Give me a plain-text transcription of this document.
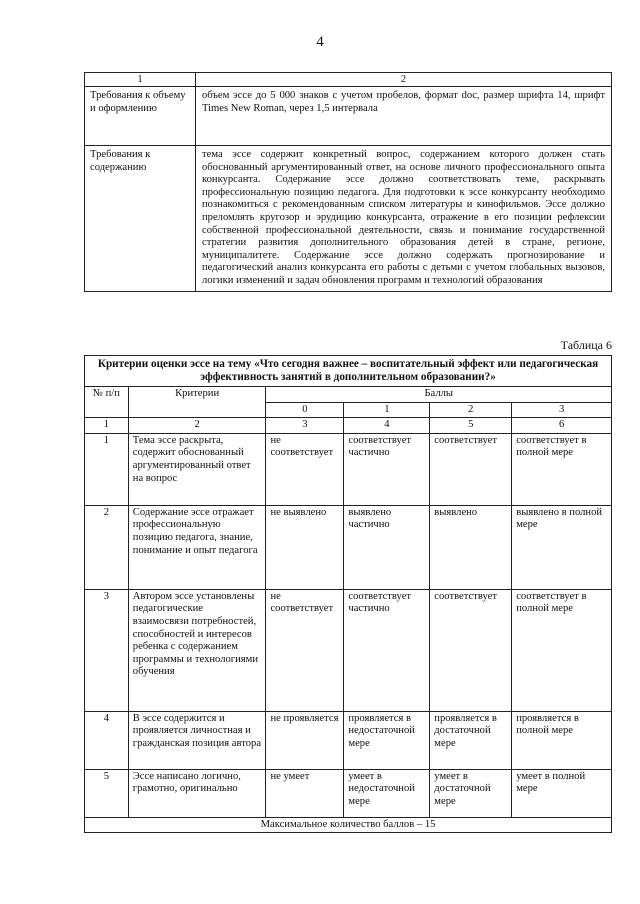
4
1	2
Требования к объему и оформлению	объем эссе до 5 000 знаков с учетом пробелов, формат doc, размер шрифта 14, шрифт Times New Roman, через 1,5 интервала
Требования к содержанию	тема эссе содержит конкретный вопрос, содержанием которого должен стать обоснованный аргументированный ответ, на основе личного профессионального опыта конкурсанта. Содержание эссе должно соответствовать теме, раскрывать профессиональную позицию педагога. Для подготовки к эссе конкурсанту необходимо познакомиться с рекомендованным списком литературы и кинофильмов. Эссе должно преломлять кругозор и эрудицию конкурсанта, отражение в его позиции рефлексии собственной профессиональной деятельности, связь и понимание государственной стратегии развития дополнительного образования детей в стране, регионе, муниципалитете. Содержание эссе должно содержать прогнозирование и педагогический анализ конкурсанта его работы с детьми с учетом глобальных вызовов, логики изменений и задач обновления программ и технологий образования
Таблица 6
Критерии оценки эссе на тему «Что сегодня важнее – воспитательный эффект или педагогическая эффективность занятий в дополнительном образовании?»					
№ п/п	Критерии	Баллы			
		0	1	2	3
1	2	3	4	5	6
1	Тема эссе раскрыта, содержит обоснованный аргументированный ответ на вопрос	не соответствует	соответствует частично	соответствует	соответствует в полной мере
2	Содержание эссе отражает профессиональную позицию педагога, знание, понимание и опыт педагога	не выявлено	выявлено частично	выявлено	выявлено в полной мере
3	Автором эссе установлены педагогические взаимосвязи потребностей, способностей и интересов ребенка с содержанием программы и технологиями обучения	не соответствует	соответствует частично	соответствует	соответствует в полной мере
4	В эссе содержится и проявляется личностная и гражданская позиция автора	не проявляется	проявляется в недостаточной мере	проявляется в достаточной мере	проявляется в полной мере
5	Эссе написано логично, грамотно, оригинально	не умеет	умеет в недостаточной мере	умеет в достаточной мере	умеет в полной мере
Максимальное количество баллов – 15					
